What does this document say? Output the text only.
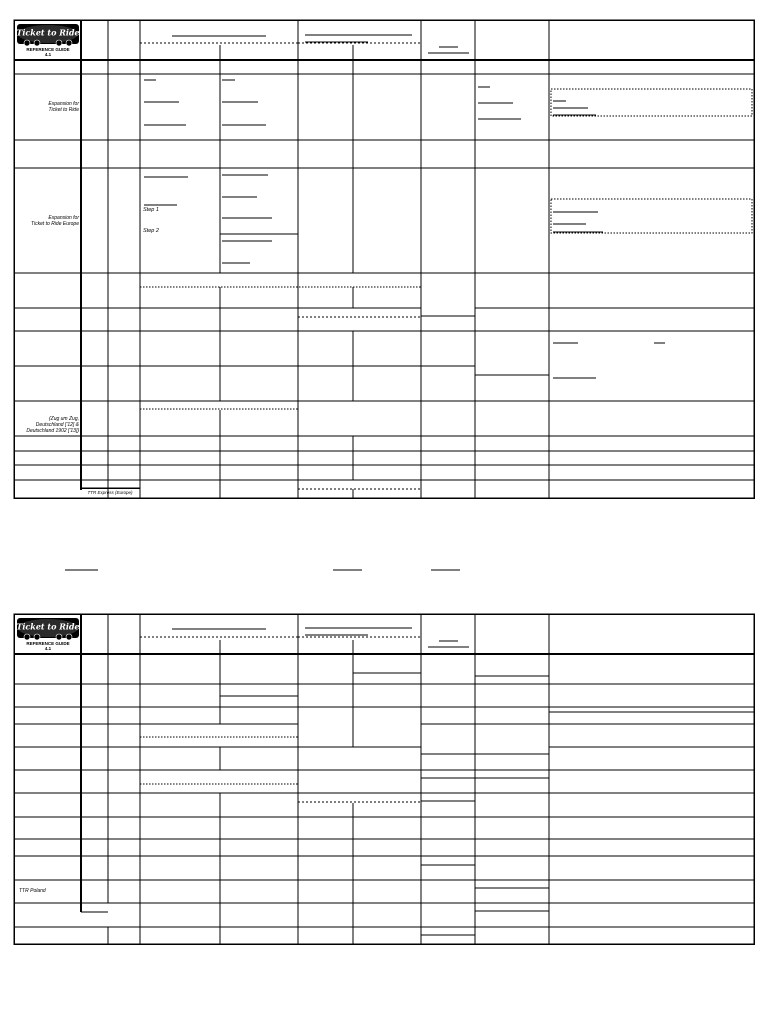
Ticket to Ride
REFERENCE GUIDE
4.1
Ticket to Ride
REFERENCE GUIDE
4.1
Expansion for
Ticket to Ride
Expansion for
Ticket to Ride Europe
Step 1
Step 2
(Zug um Zug,
Deutschland ['12] &
Deutschland 1902 ['13])
TTR Express (Europe)
TTR Poland
